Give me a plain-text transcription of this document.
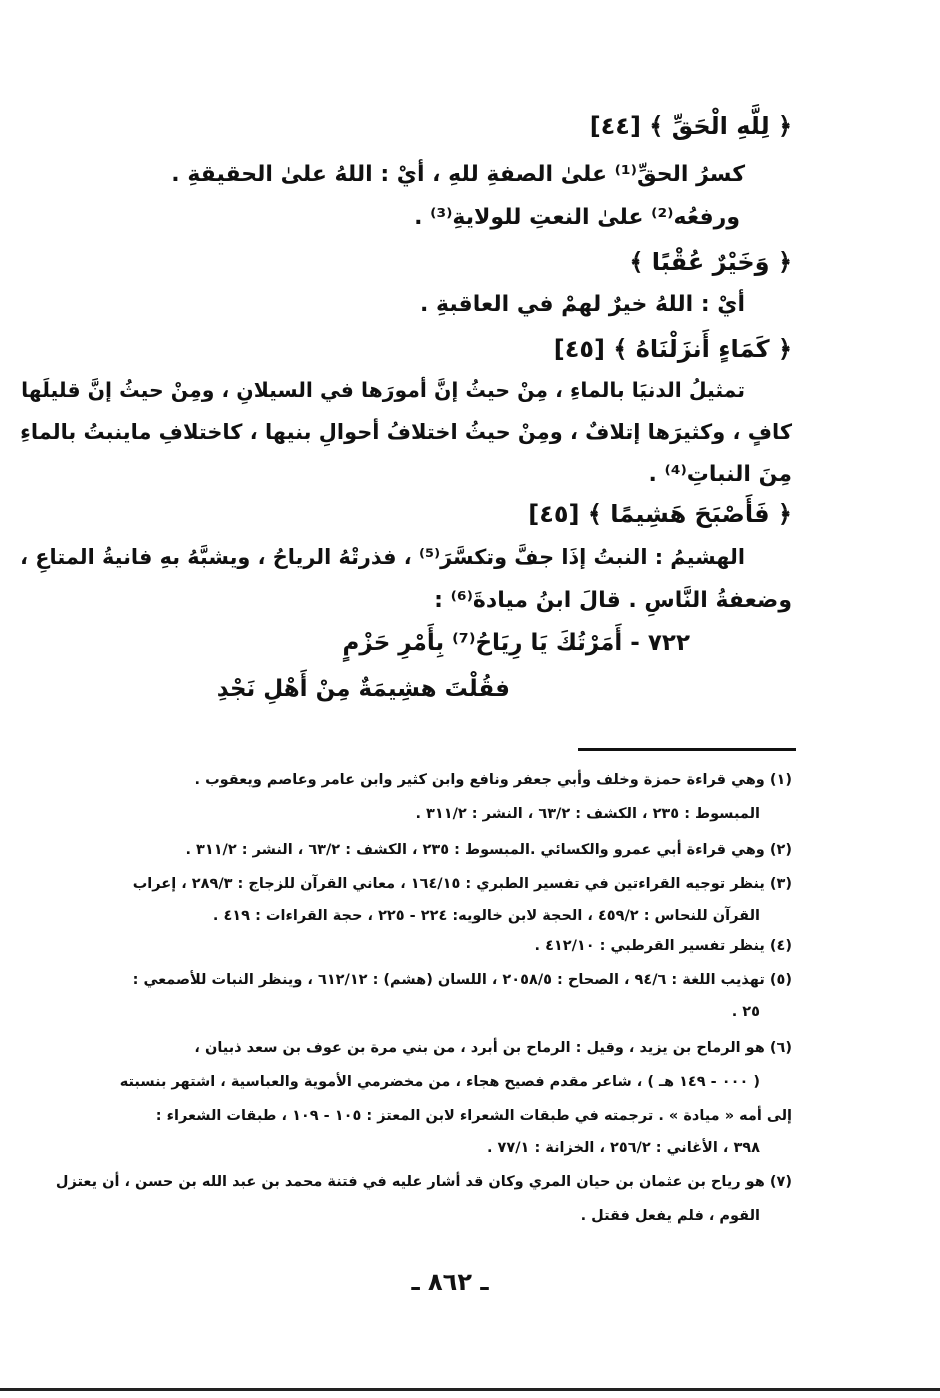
﴿ لِلَّهِ الْحَقِّ ﴾ [٤٤]
كسرُ الحقِّ⁽¹⁾ علىٰ الصفةِ للهِ ، أيْ : اللهُ علىٰ الحقيقةِ .
ورفعُه⁽²⁾ علىٰ النعتِ للولايةِ⁽³⁾ .
﴿ وَخَيْرٌ عُقْبًا ﴾
أيْ : اللهُ خيرٌ لهمْ في العاقبةِ .
﴿ كَمَاءٍ أَنزَلْنَاهُ ﴾ [٤٥]
تمثيلُ الدنيَا بالماءِ ، مِنْ حيثُ إنَّ أمورَها في السيلانِ ، ومِنْ حيثُ إنَّ قليلَها
كافٍ ، وكثيرَها إتلافٌ ، ومِنْ حيثُ اختلافُ أحوالِ بنيها ، كاختلافِ ماينبتُ بالماءِ
مِنَ النباتِ⁽⁴⁾ .
﴿ فَأَصْبَحَ هَشِيمًا ﴾ [٤٥]
الهشيمُ : النبتُ إذَا جفَّ وتكسَّرَ⁽⁵⁾ ، فذرتْهُ الرياحُ ، ويشبَّهُ بهِ فانيةُ المتاعِ ،
وضعفةُ النَّاسِ . قالَ ابنُ ميادةَ⁽⁶⁾ :
٧٢٢ - أَمَرْتُكَ يَا رِيَاحُ⁽⁷⁾ بِأَمْرِ حَزْمٍ
فقُلْتَ هشِيمَةٌ مِنْ أَهْلِ نَجْدِ
(١) وهي قراءة حمزة وخلف وأبي جعفر ونافع وابن كثير وابن عامر وعاصم ويعقوب .
المبسوط : ٢٣٥ ، الكشف : ٦٣/٢ ، النشر : ٣١١/٢ .
(٢) وهي قراءة أبي عمرو والكسائي .المبسوط : ٢٣٥ ، الكشف : ٦٣/٢ ، النشر : ٣١١/٢ .
(٣) ينظر توجيه القراءتين في تفسير الطبري : ١٦٤/١٥ ، معاني القرآن للزجاج : ٢٨٩/٣ ، إعراب
القرآن للنحاس : ٤٥٩/٢ ، الحجة لابن خالويه: ٢٢٤ - ٢٢٥ ، حجة القراءات : ٤١٩ .
(٤) ينظر تفسير القرطبي : ٤١٢/١٠ .
(٥) تهذيب اللغة : ٩٤/٦ ، الصحاح : ٢٠٥٨/٥ ، اللسان (هشم) : ٦١٢/١٢ ، وينظر النبات للأصمعي :
٢٥ .
(٦) هو الرماح بن يزيد ، وقيل : الرماح بن أبرد ، من بني مرة بن عوف بن سعد ذبيان ،
( ٠٠٠ - ١٤٩ هـ ) ، شاعر مقدم فصيح هجاء ، من مخضرمي الأموية والعباسية ، اشتهر بنسبته
إلى أمه « ميادة » . ترجمته في طبقات الشعراء لابن المعتز : ١٠٥ - ١٠٩ ، طبقات الشعراء :
٣٩٨ ، الأغاني : ٢٥٦/٢ ، الخزانة : ٧٧/١ .
(٧) هو رياح بن عثمان بن حيان المري وكان قد أشار عليه في فتنة محمد بن عبد الله بن حسن ، أن يعتزل
القوم ، فلم يفعل فقتل .
ـ ٨٦٢ ـ
